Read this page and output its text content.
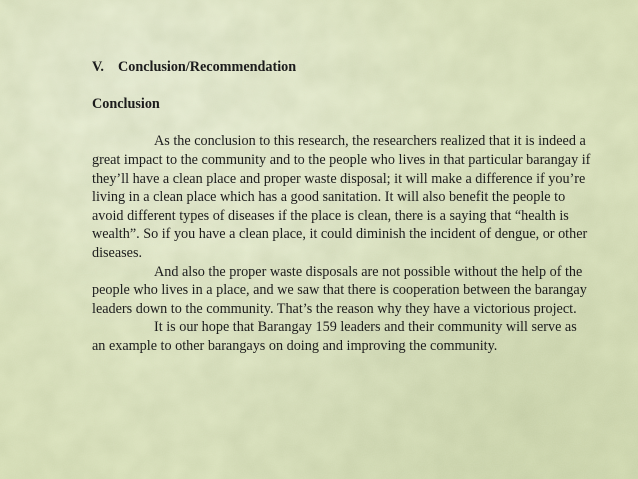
V. Conclusion/Recommendation
Conclusion

As the conclusion to this research, the researchers realized that it is indeed a great impact to the community and to the people who lives in that particular barangay if they’ll have a clean place and proper waste disposal; it will make a difference if you’re living in a clean place which has a good sanitation. It will also benefit the people to avoid different types of diseases if the place is clean, there is a saying that “health is wealth”. So if you have a clean place, it could diminish the incident of dengue, or other diseases.

And also the proper waste disposals are not possible without the help of the people who lives in a place, and we saw that there is cooperation between the barangay leaders down to the community. That’s the reason why they have a victorious project.

It is our hope that Barangay 159 leaders and their community will serve as an example to other barangays on doing and improving the community.
